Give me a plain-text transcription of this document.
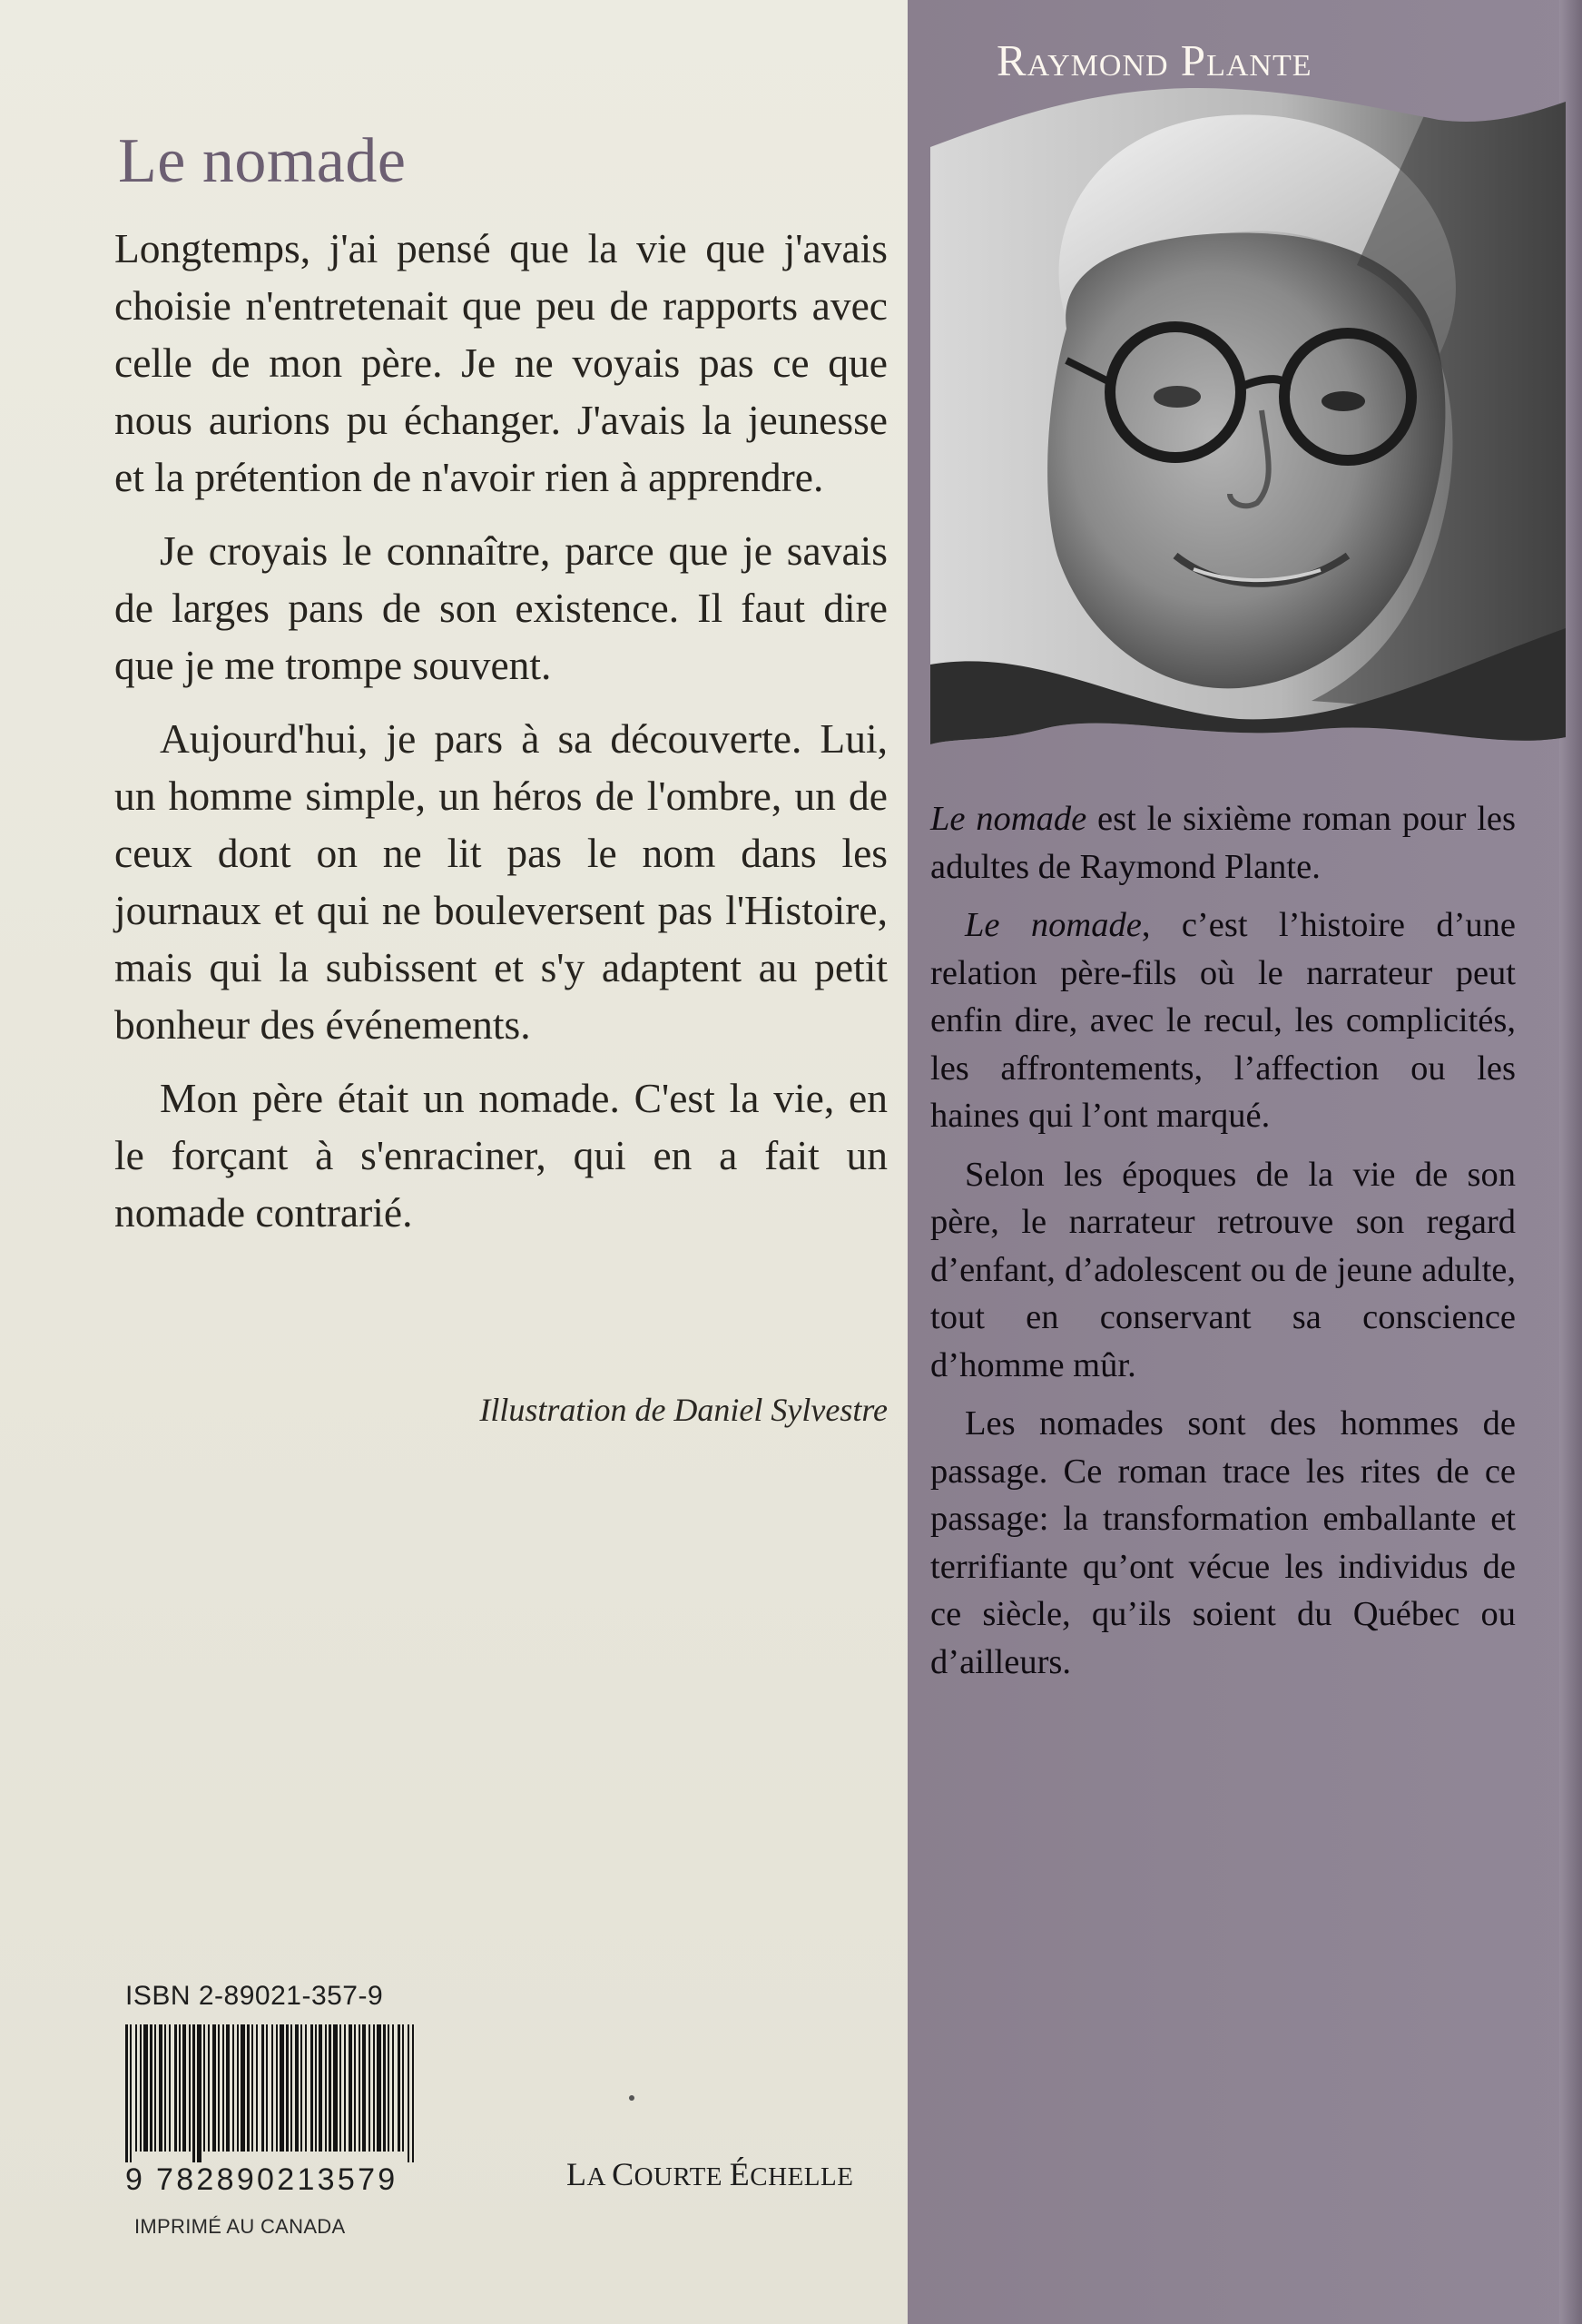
Le nomade

Longtemps, j'ai pensé que la vie que j'avais choisie n'entretenait que peu de rapports avec celle de mon père. Je ne voyais pas ce que nous aurions pu échanger. J'avais la jeunesse et la prétention de n'avoir rien à apprendre.

Je croyais le connaître, parce que je savais de larges pans de son existence. Il faut dire que je me trompe souvent.

Aujourd'hui, je pars à sa découverte. Lui, un homme simple, un héros de l'ombre, un de ceux dont on ne lit pas le nom dans les journaux et qui ne bouleversent pas l'Histoire, mais qui la subissent et s'y adaptent au petit bonheur des événements.

Mon père était un nomade. C'est la vie, en le forçant à s'enraciner, qui en a fait un nomade contrarié.

Illustration de Daniel Sylvestre
ISBN 2-89021-357-9
9 782890213579
IMPRIMÉ AU CANADA
LA COURTE ÉCHELLE
Raymond Plante

Le nomade est le sixième roman pour les adultes de Raymond Plante.

Le nomade, c’est l’histoire d’une relation père-fils où le narrateur peut enfin dire, avec le recul, les complicités, les affrontements, l’affection ou les haines qui l’ont marqué.

Selon les époques de la vie de son père, le narrateur retrouve son regard d’enfant, d’adolescent ou de jeune adulte, tout en conservant sa conscience d’homme mûr.

Les nomades sont des hommes de passage. Ce roman trace les rites de ce passage: la transformation emballante et terrifiante qu’ont vécue les individus de ce siècle, qu’ils soient du Québec ou d’ailleurs.
